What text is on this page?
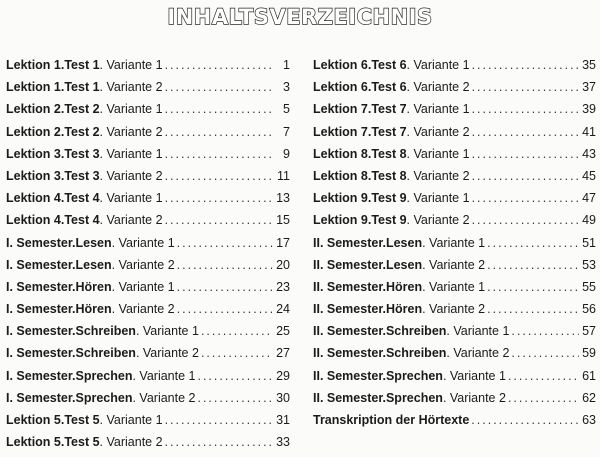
INHALTSVERZEICHNIS
Lektion 1. Test 1 . Variante 1 .....	1
Lektion 1. Test 1 . Variante 2 .....	3
Lektion 2. Test 2 . Variante 1 .....	5
Lektion 2. Test 2 . Variante 2 .....	7
Lektion 3. Test 3 . Variante 1 .....	9
Lektion 3. Test 3 . Variante 2 .....	11
Lektion 4. Test 4 . Variante 1 .....	13
Lektion 4. Test 4 . Variante 2 .....	15
I. Semester. Lesen . Variante 1 .....	17
I. Semester. Lesen . Variante 2 .....	20
I. Semester. Hören . Variante 1 .....	23
I. Semester. Hören . Variante 2 .....	24
I. Semester. Schreiben . Variante 1 .....	25
I. Semester. Schreiben . Variante 2 .....	27
I. Semester. Sprechen . Variante 1 .....	29
I. Semester. Sprechen . Variante 2 .....	30
Lektion 5. Test 5 . Variante 1 .....	31
Lektion 5. Test 5 . Variante 2 .....	33
Lektion 6. Test 6 . Variante 1 .....	35
Lektion 6. Test 6 . Variante 2 .....	37
Lektion 7. Test 7 . Variante 1 .....	39
Lektion 7. Test 7 . Variante 2 .....	41
Lektion 8. Test 8 . Variante 1 .....	43
Lektion 8. Test 8 . Variante 2 .....	45
Lektion 9. Test 9 . Variante 1 .....	47
Lektion 9. Test 9 . Variante 2 .....	49
II. Semester. Lesen . Variante 1 .....	51
II. Semester. Lesen . Variante 2 .....	53
II. Semester. Hören . Variante 1 .....	55
II. Semester. Hören . Variante 2 .....	56
II. Semester. Schreiben . Variante 1 .....	57
II. Semester. Schreiben . Variante 2 .....	59
II. Semester. Sprechen . Variante 1 .....	61
II. Semester. Sprechen . Variante 2 .....	62
Transkription der Hörtexte .....	63
